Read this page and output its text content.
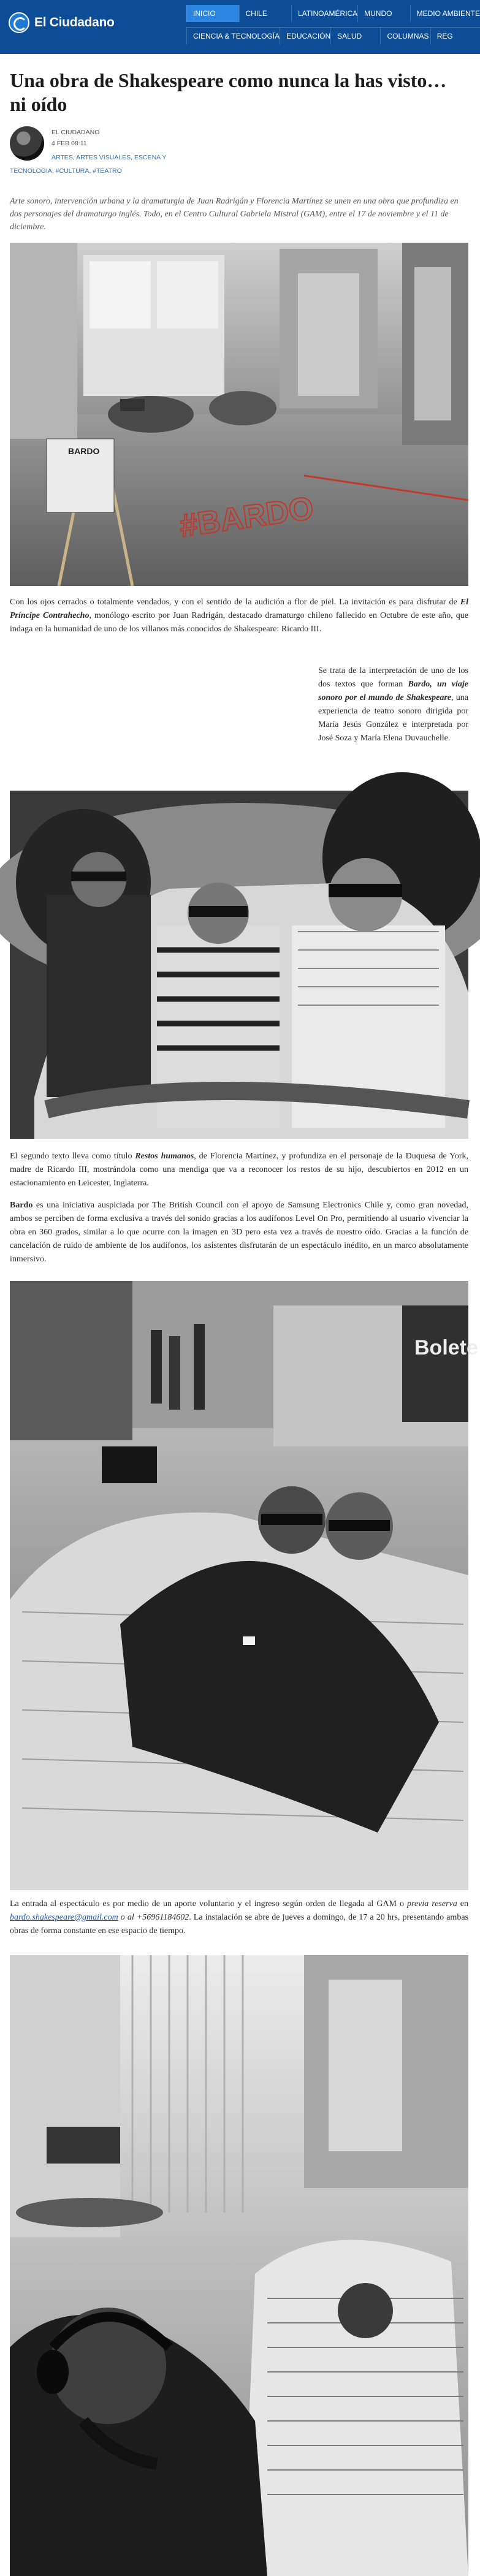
El Ciudadano
INICIO	CHILE	LATINOAMÉRICA MUNDO	MEDIO AMBIENTE
CIENCIA & TECNOLOGÍA EDUCACIÓN SALUD	COLUMNAS	REG
Una obra de Shakespeare como nunca la has visto… ni oído
EL CIUDADANO
4 FEB 08:11
ARTES, ARTES VISUALES, ESCENA Y
TECNOLOGIA, #CULTURA, #TEATRO

Arte sonoro, intervención urbana y la dramaturgia de Juan Radrigán y Florencia Martínez se unen en una obra que profundiza en dos personajes del dramaturgo inglés. Todo, en el Centro Cultural Gabriela Mistral (GAM), entre el 17 de noviembre y el 11 de diciembre.

BARDO
#BARDO

Con los ojos cerrados o totalmente vendados, y con el sentido de la audición a flor de piel. La invitación es para disfrutar de El Príncipe Contrahecho, monólogo escrito por Juan Radrigán, destacado dramaturgo chileno fallecido en Octubre de este año, que indaga en la humanidad de uno de los villanos más conocidos de Shakespeare: Ricardo III.

Se trata de la interpretación de uno de los dos textos que forman Bardo, un viaje sonoro por el mundo de Shakespeare, una experiencia de teatro sonoro dirigida por María Jesús González e interpretada por José Soza y María Elena Duvauchelle.

El segundo texto lleva como título Restos humanos, de Florencia Martínez, y profundiza en el personaje de la Duquesa de York, madre de Ricardo III, mostrándola como una mendiga que va a reconocer los restos de su hijo, descubiertos en 2012 en un estacionamiento en Leicester, Inglaterra.

Bardo es una iniciativa auspiciada por The British Council con el apoyo de Samsung Electronics Chile y, como gran novedad, ambos se perciben de forma exclusiva a través del sonido gracias a los audífonos Level On Pro, permitiendo al usuario vivenciar la obra en 360 grados, similar a lo que ocurre con la imagen en 3D pero esta vez a través de nuestro oído. Gracias a la función de cancelación de ruido de ambiente de los audífonos, los asistentes disfrutarán de un espectáculo inédito, en un marco absolutamente inmersivo.

Bolete

La entrada al espectáculo es por medio de un aporte voluntario y el ingreso según orden de llegada al GAM o previa reserva en bardo.shakespeare@gmail.com o al +56961184602. La instalación se abre de jueves a domingo, de 17 a 20 hrs, presentando ambas obras de forma constante en ese espacio de tiempo.
